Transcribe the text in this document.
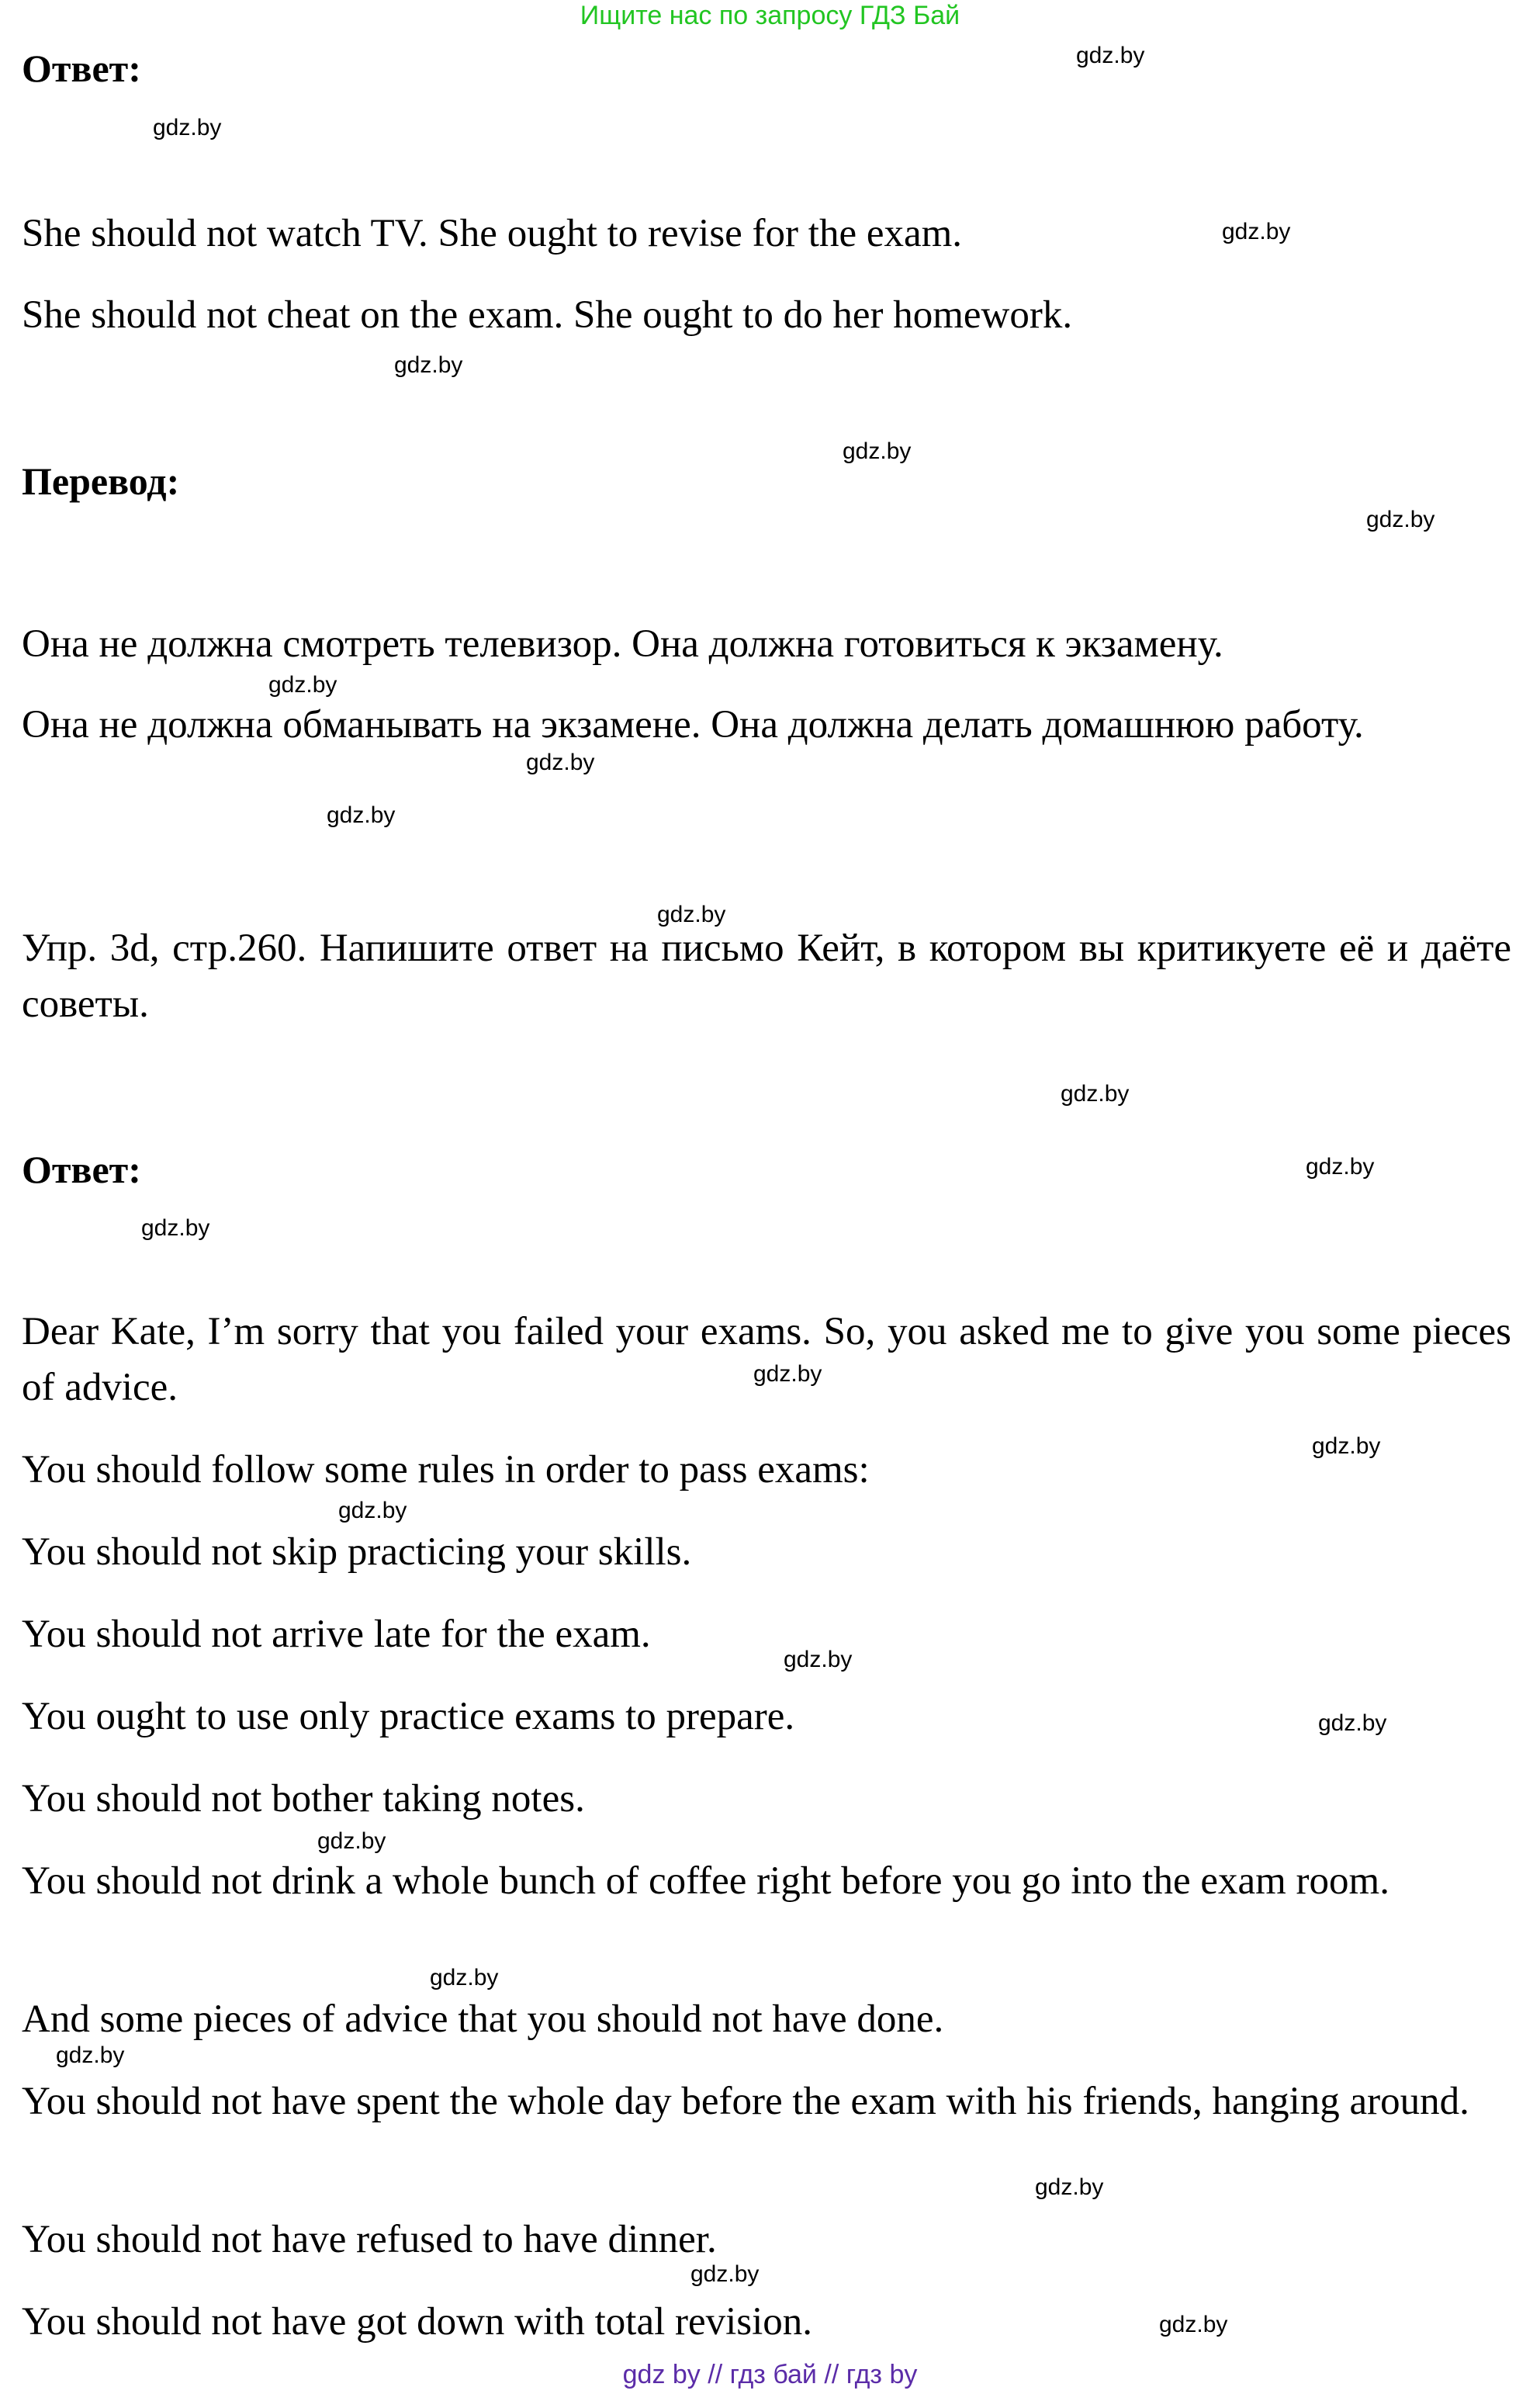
Ищите нас по запросу ГДЗ Бай
Ответ:

She should not watch TV. She ought to revise for the exam.

She should not cheat on the exam. She ought to do her homework.

Перевод:

Она не должна смотреть телевизор. Она должна готовиться к экзамену.

Она не должна обманывать на экзамене. Она должна делать домашнюю работу.

Упр. 3d, стр.260. Напишите ответ на письмо Кейт, в котором вы критикуете её и даёте советы.

Ответ:

Dear Kate, I’m sorry that you failed your exams. So, you asked me to give you some pieces of advice.

You should follow some rules in order to pass exams:

You should not skip practicing your skills.

You should not arrive late for the exam.

You ought to use only practice exams to prepare.

You should not bother taking notes.

You should not drink a whole bunch of coffee right before you go into the exam room.

And some pieces of advice that you should not have done.

You should not have spent the whole day before the exam with his friends, hanging around.

You should not have refused to have dinner.

You should not have got down with total revision.

gdz.by
gdz.by
gdz.by
gdz.by
gdz.by
gdz.by
gdz.by
gdz.by
gdz.by
gdz.by
gdz.by
gdz.by
gdz.by
gdz.by
gdz.by
gdz.by
gdz.by
gdz.by
gdz.by
gdz.by
gdz.by
gdz.by
gdz.by
gdz.by
gdz by // гдз бай // гдз by
